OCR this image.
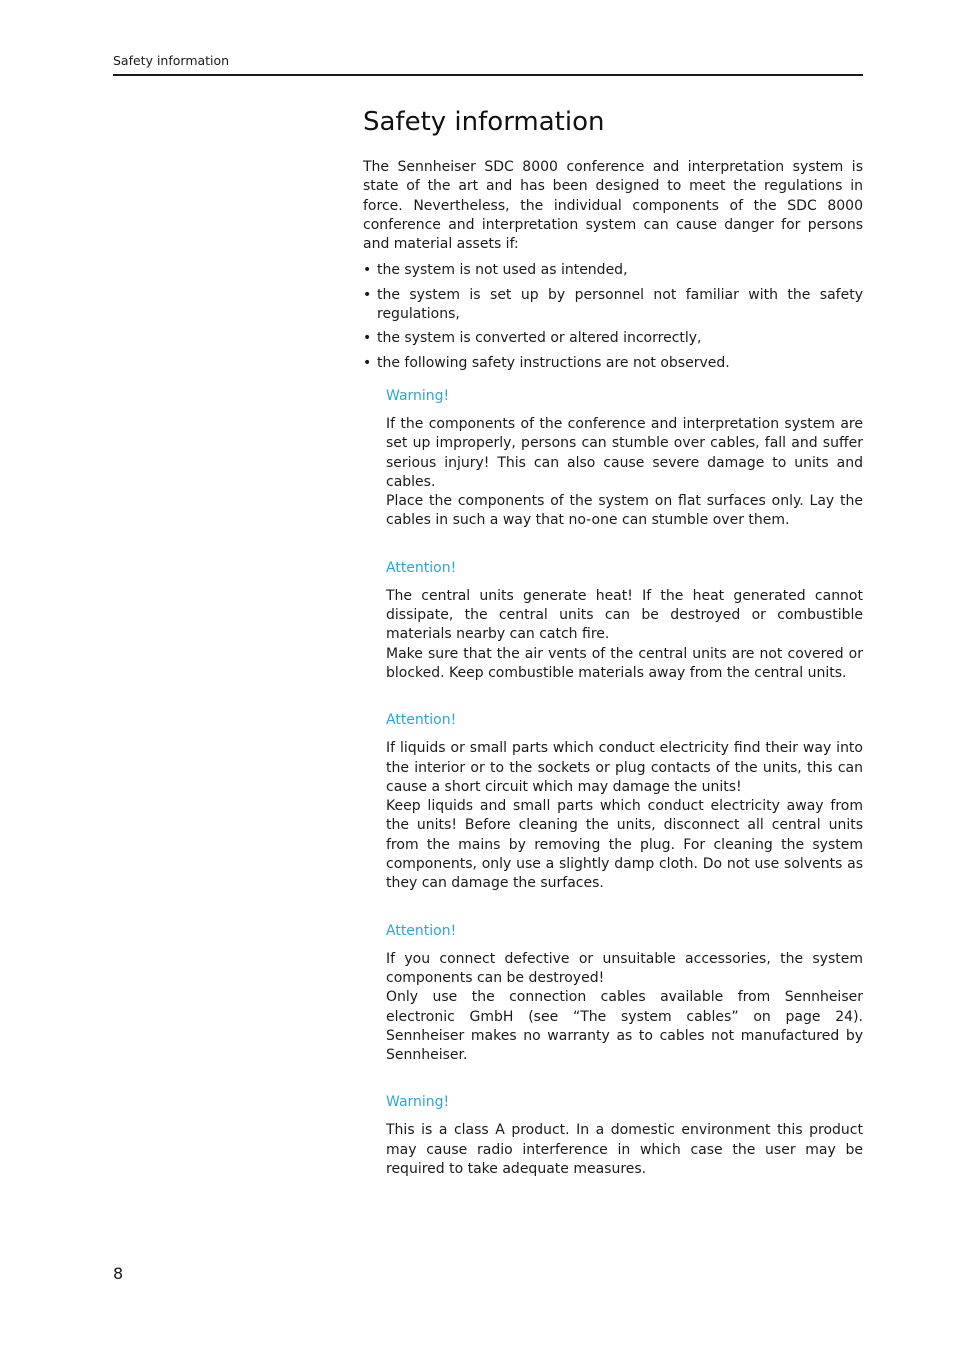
Safety information
Safety information

The Sennheiser SDC 8000 conference and interpretation system is state of the art and has been designed to meet the regulations in force. Nevertheless, the individual components of the SDC 8000 conference and interpretation system can cause danger for persons and material assets if:

• the system is not used as intended,
• the system is set up by personnel not familiar with the safety regulations,
• the system is converted or altered incorrectly,
• the following safety instructions are not observed.
Warning!

If the components of the conference and interpretation system are set up improperly, persons can stumble over cables, fall and suffer serious injury! This can also cause severe damage to units and cables.

Place the components of the system on flat surfaces only. Lay the cables in such a way that no-one can stumble over them.

Attention!

The central units generate heat! If the heat generated cannot dissipate, the central units can be destroyed or combustible materials nearby can catch fire.

Make sure that the air vents of the central units are not covered or blocked. Keep combustible materials away from the central units.

Attention!

If liquids or small parts which conduct electricity find their way into the interior or to the sockets or plug contacts of the units, this can cause a short circuit which may damage the units!

Keep liquids and small parts which conduct electricity away from the units! Before cleaning the units, disconnect all central units from the mains by removing the plug. For cleaning the system components, only use a slightly damp cloth. Do not use solvents as they can damage the surfaces.

Attention!

If you connect defective or unsuitable accessories, the system components can be destroyed!

Only use the connection cables available from Sennheiser electronic GmbH (see “The system cables” on page 24). Sennheiser makes no warranty as to cables not manufactured by Sennheiser.

Warning!

This is a class A product. In a domestic environment this product may cause radio interference in which case the user may be required to take adequate measures.

8
